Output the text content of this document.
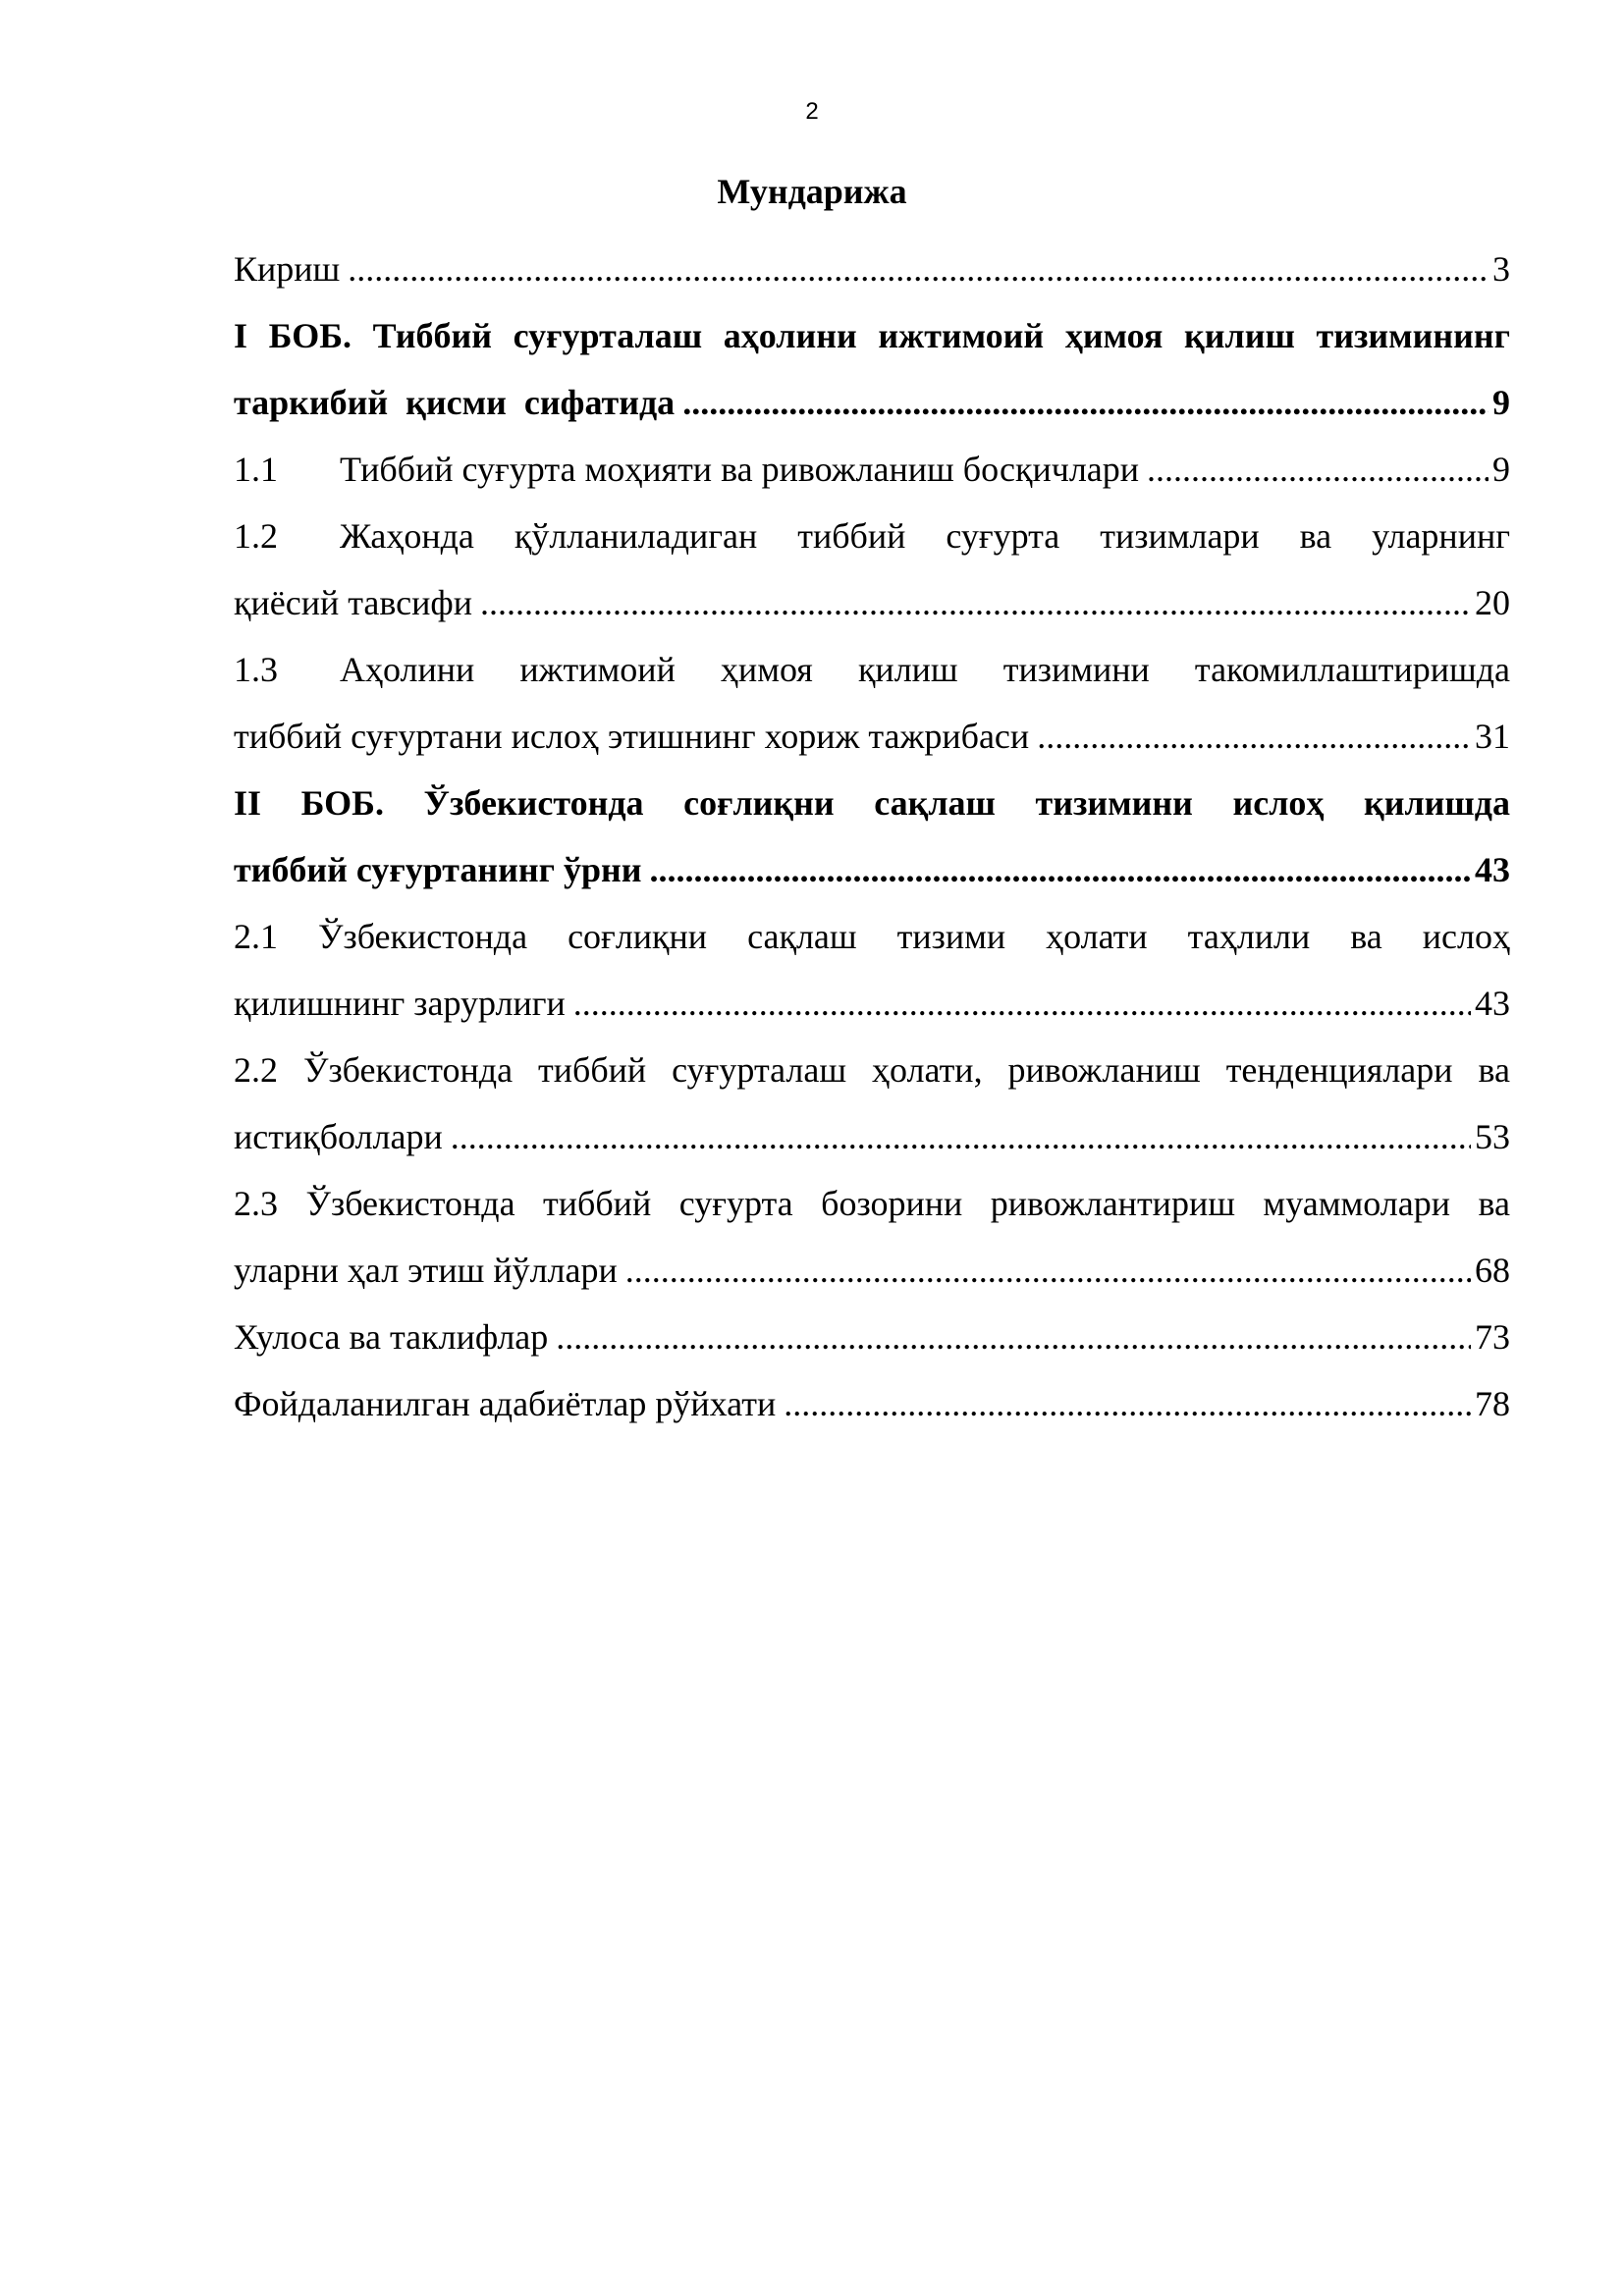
2
Мундарижа
Кириш .....	3
I БОБ. Тиббий суғурталаш аҳолини ижтимоий ҳимоя қилиш тизимининг
таркибий  қисми  сифатида .....	9
1.1 Тиббий суғурта моҳияти ва ривожланиш босқичлари .....	9
1.2 Жаҳонда қўлланиладиган тиббий суғурта тизимлари ва уларнинг
қиёсий тавсифи .....	20
1.3 Аҳолини ижтимоий ҳимоя қилиш тизимини такомиллаштиришда
тиббий суғуртани ислоҳ этишнинг хориж тажрибаси .....	31
II БОБ. Ўзбекистонда соғлиқни сақлаш тизимини ислоҳ қилишда
тиббий суғуртанинг ўрни .....	43
2.1 Ўзбекистонда соғлиқни сақлаш тизими ҳолати таҳлили ва ислоҳ
қилишнинг зарурлиги .....	43
2.2 Ўзбекистонда тиббий суғурталаш ҳолати, ривожланиш тенденциялари ва
истиқболлари .....	53
2.3 Ўзбекистонда тиббий суғурта бозорини ривожлантириш муаммолари ва
уларни ҳал этиш йўллари .....	68
Хулоса ва таклифлар .....	73
Фойдаланилган адабиётлар рўйхати .....	78
